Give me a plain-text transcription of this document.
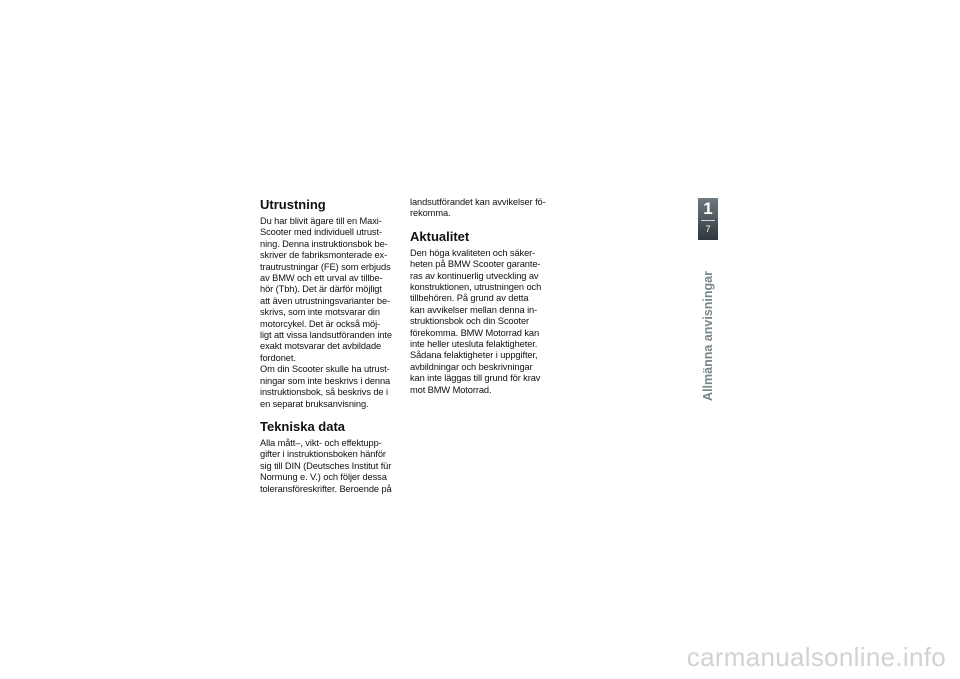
Utrustning

Du har blivit ägare till en Maxi-
Scooter med individuell utrust-
ning. Denna instruktionsbok be-
skriver de fabriksmonterade ex-
trautrustningar (FE) som erbjuds
av BMW och ett urval av tillbe-
hör (Tbh). Det är därför möjligt
att även utrustningsvarianter be-
skrivs, som inte motsvarar din
motorcykel. Det är också möj-
ligt att vissa landsutföranden inte
exakt motsvarar det avbildade
fordonet.

Om din Scooter skulle ha utrust-
ningar som inte beskrivs i denna
instruktionsbok, så beskrivs de i
en separat bruksanvisning.

Tekniska data

Alla mått–, vikt- och effektupp-
gifter i instruktionsboken hänför
sig till DIN (Deutsches Institut für
Normung e. V.) och följer dessa
toleransföreskrifter. Beroende på

landsutförandet kan avvikelser fö-
rekomma.

Aktualitet

Den höga kvaliteten och säker-
heten på BMW Scooter garante-
ras av kontinuerlig utveckling av
konstruktionen, utrustningen och
tillbehören. På grund av detta
kan avvikelser mellan denna in-
struktionsbok och din Scooter
förekomma. BMW Motorrad kan
inte heller utesluta felaktigheter.
Sådana felaktigheter i uppgifter,
avbildningar och beskrivningar
kan inte läggas till grund för krav
mot BMW Motorrad.

1
7
Allmänna anvisningar
carmanualsonline.info
